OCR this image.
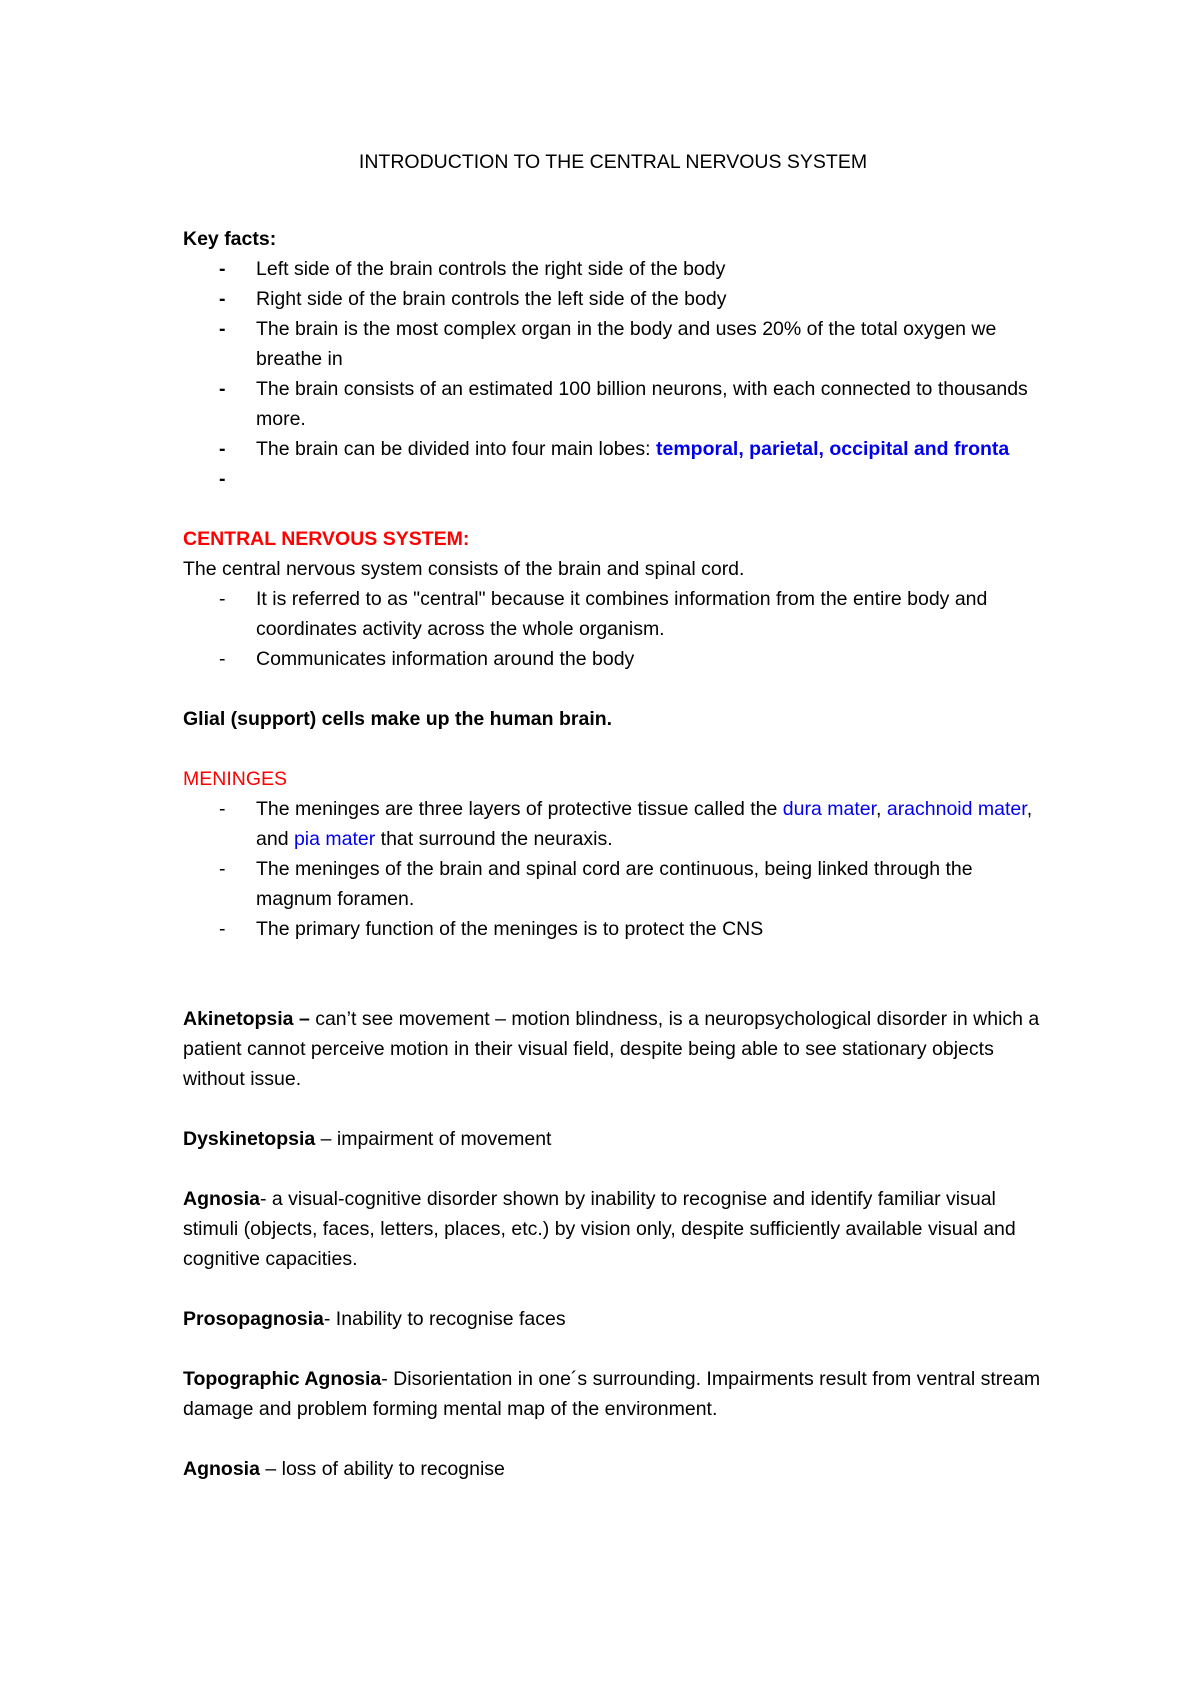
INTRODUCTION TO THE CENTRAL NERVOUS SYSTEM

Key facts:

- Left side of the brain controls the right side of the body
- Right side of the brain controls the left side of the body
- The brain is the most complex organ in the body and uses 20% of the total oxygen we breathe in
- The brain consists of an estimated 100 billion neurons, with each connected to thousands more.
- The brain can be divided into four main lobes: temporal, parietal, occipital and fronta
-

CENTRAL NERVOUS SYSTEM:

The central nervous system consists of the brain and spinal cord.

- It is referred to as "central" because it combines information from the entire body and coordinates activity across the whole organism.
- Communicates information around the body

Glial (support) cells make up the human brain.

MENINGES

- The meninges are three layers of protective tissue called the dura mater, arachnoid mater, and pia mater that surround the neuraxis.
- The meninges of the brain and spinal cord are continuous, being linked through the magnum foramen.
- The primary function of the meninges is to protect the CNS

Akinetopsia – can’t see movement – motion blindness, is a neuropsychological disorder in which a patient cannot perceive motion in their visual field, despite being able to see stationary objects without issue.

Dyskinetopsia – impairment of movement

Agnosia- a visual-cognitive disorder shown by inability to recognise and identify familiar visual stimuli (objects, faces, letters, places, etc.) by vision only, despite sufficiently available visual and cognitive capacities.

Prosopagnosia- Inability to recognise faces

Topographic Agnosia- Disorientation in one´s surrounding. Impairments result from ventral stream damage and problem forming mental map of the environment.

Agnosia – loss of ability to recognise
